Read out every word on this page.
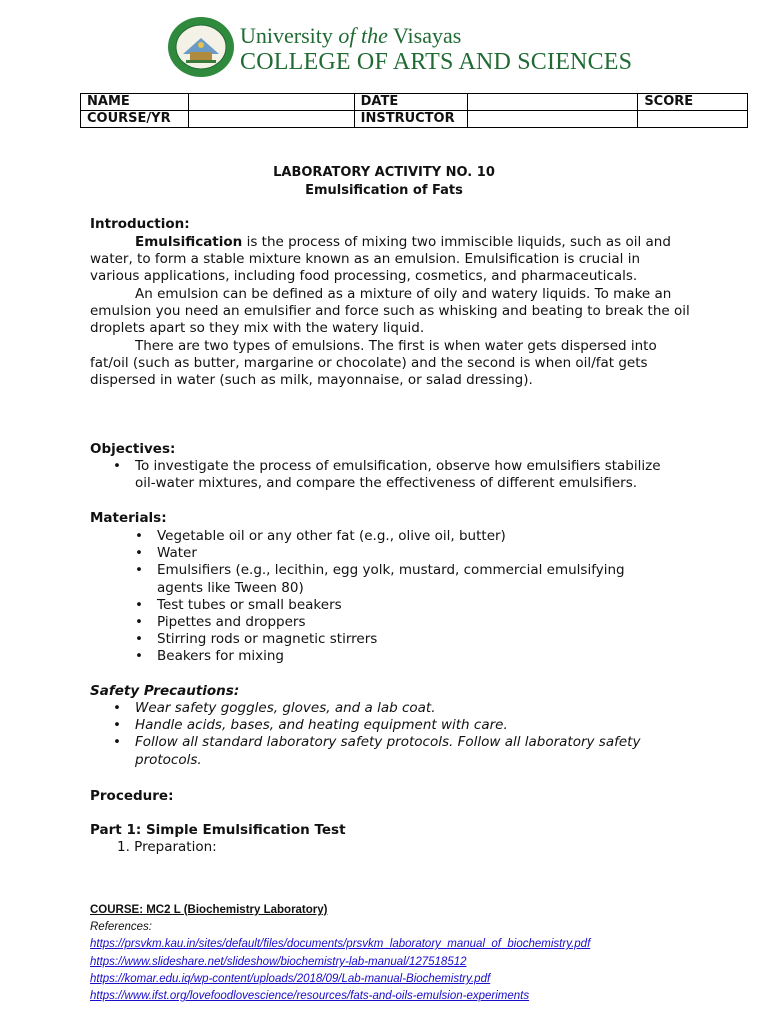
University of the Visayas
COLLEGE OF ARTS AND SCIENCES
NAME		DATE		SCORE
COURSE/YR		INSTRUCTOR		
LABORATORY ACTIVITY NO. 10
Emulsification of Fats
Introduction:
Emulsification is the process of mixing two immiscible liquids, such as oil and water, to form a stable mixture known as an emulsion. Emulsification is crucial in various applications, including food processing, cosmetics, and pharmaceuticals.
An emulsion can be defined as a mixture of oily and watery liquids. To make an emulsion you need an emulsifier and force such as whisking and beating to break the oil droplets apart so they mix with the watery liquid.
There are two types of emulsions. The first is when water gets dispersed into fat/oil (such as butter, margarine or chocolate) and the second is when oil/fat gets dispersed in water (such as milk, mayonnaise, or salad dressing).
Objectives:
• To investigate the process of emulsification, observe how emulsifiers stabilize oil-water mixtures, and compare the effectiveness of different emulsifiers.
Materials:
• Vegetable oil or any other fat (e.g., olive oil, butter)
• Water
• Emulsifiers (e.g., lecithin, egg yolk, mustard, commercial emulsifying agents like Tween 80)
• Test tubes or small beakers
• Pipettes and droppers
• Stirring rods or magnetic stirrers
• Beakers for mixing
Safety Precautions:
• Wear safety goggles, gloves, and a lab coat.
• Handle acids, bases, and heating equipment with care.
• Follow all standard laboratory safety protocols. Follow all laboratory safety protocols.
Procedure:
Part 1: Simple Emulsification Test
1. Preparation:
COURSE: MC2 L (Biochemistry Laboratory)
References:
https://prsvkm.kau.in/sites/default/files/documents/prsvkm_laboratory_manual_of_biochemistry.pdf
https://www.slideshare.net/slideshow/biochemistry-lab-manual/127518512
https://komar.edu.iq/wp-content/uploads/2018/09/Lab-manual-Biochemistry.pdf
https://www.ifst.org/lovefoodlovescience/resources/fats-and-oils-emulsion-experiments
